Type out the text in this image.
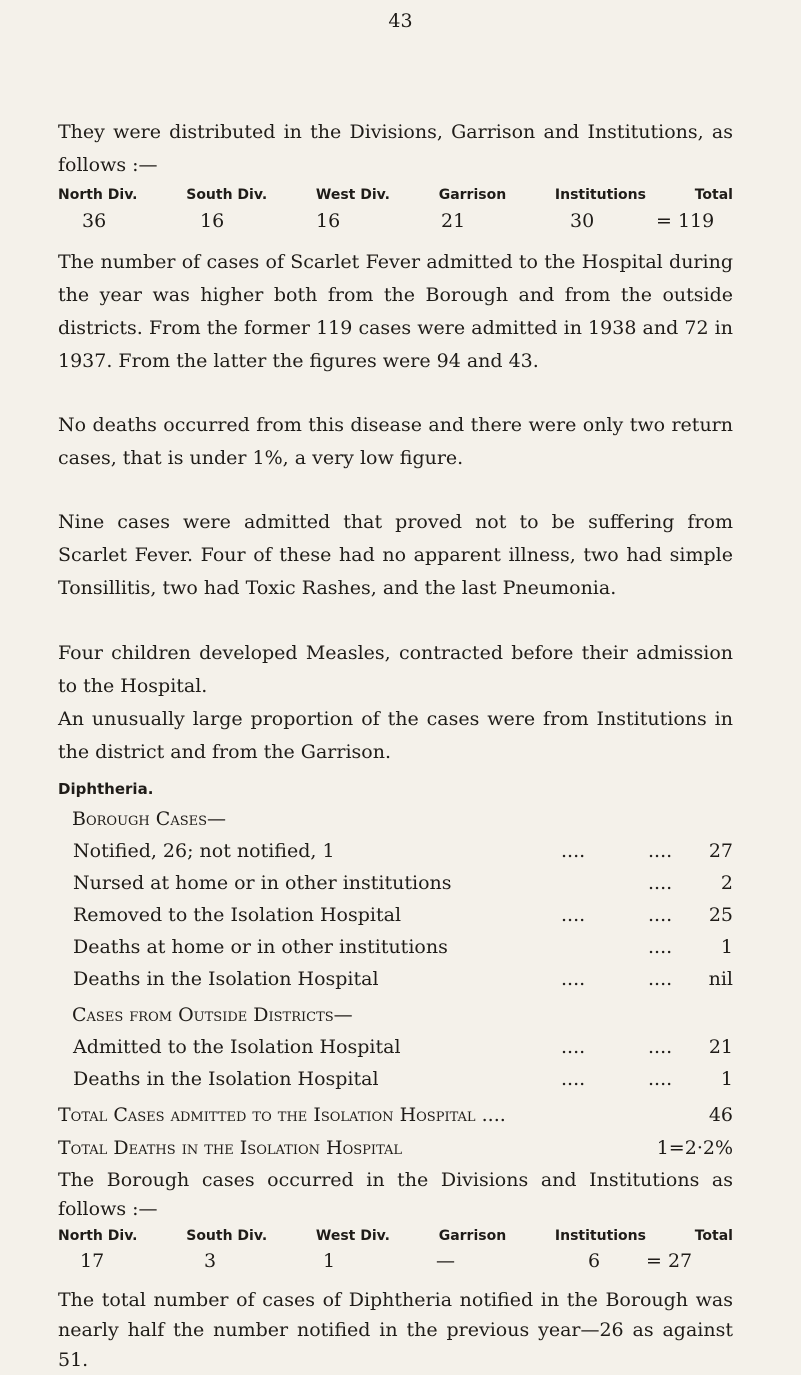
43

They were distributed in the Divisions, Garrison and Institutions, as follows :—

North Div.	South Div.	West Div.	Garrison	Institutions	Total
36	16	16	21	30	= 119

The number of cases of Scarlet Fever admitted to the Hospital during the year was higher both from the Borough and from the outside districts. From the former 119 cases were admitted in 1938 and 72 in 1937. From the latter the figures were 94 and 43.

No deaths occurred from this disease and there were only two return cases, that is under 1%, a very low figure.

Nine cases were admitted that proved not to be suffering from Scarlet Fever. Four of these had no apparent illness, two had simple Tonsillitis, two had Toxic Rashes, and the last Pneumonia.

Four children developed Measles, contracted before their admission to the Hospital.

An unusually large proportion of the cases were from Institutions in the district and from the Garrison.

Diphtheria.
Borough Cases—
Notified, 26; not notified, 1	....	.... 27
Nursed at home or in other institutions	....	2
Removed to the Isolation Hospital	....	.... 25
Deaths at home or in other institutions	....	1
Deaths in the Isolation Hospital	....	.... nil
Cases from Outside Districts—
Admitted to the Isolation Hospital	....	.... 21
Deaths in the Isolation Hospital	....	....	1
Total Cases admitted to the Isolation Hospital ....	46
Total Deaths in the Isolation Hospital	1=2·2%

The Borough cases occurred in the Divisions and Institutions as follows :—

North Div.	South Div.	West Div.	Garrison	Institutions	Total
17	3	1	—	6 = 27

The total number of cases of Diphtheria notified in the Borough was nearly half the number notified in the previous year—26 as against 51.
